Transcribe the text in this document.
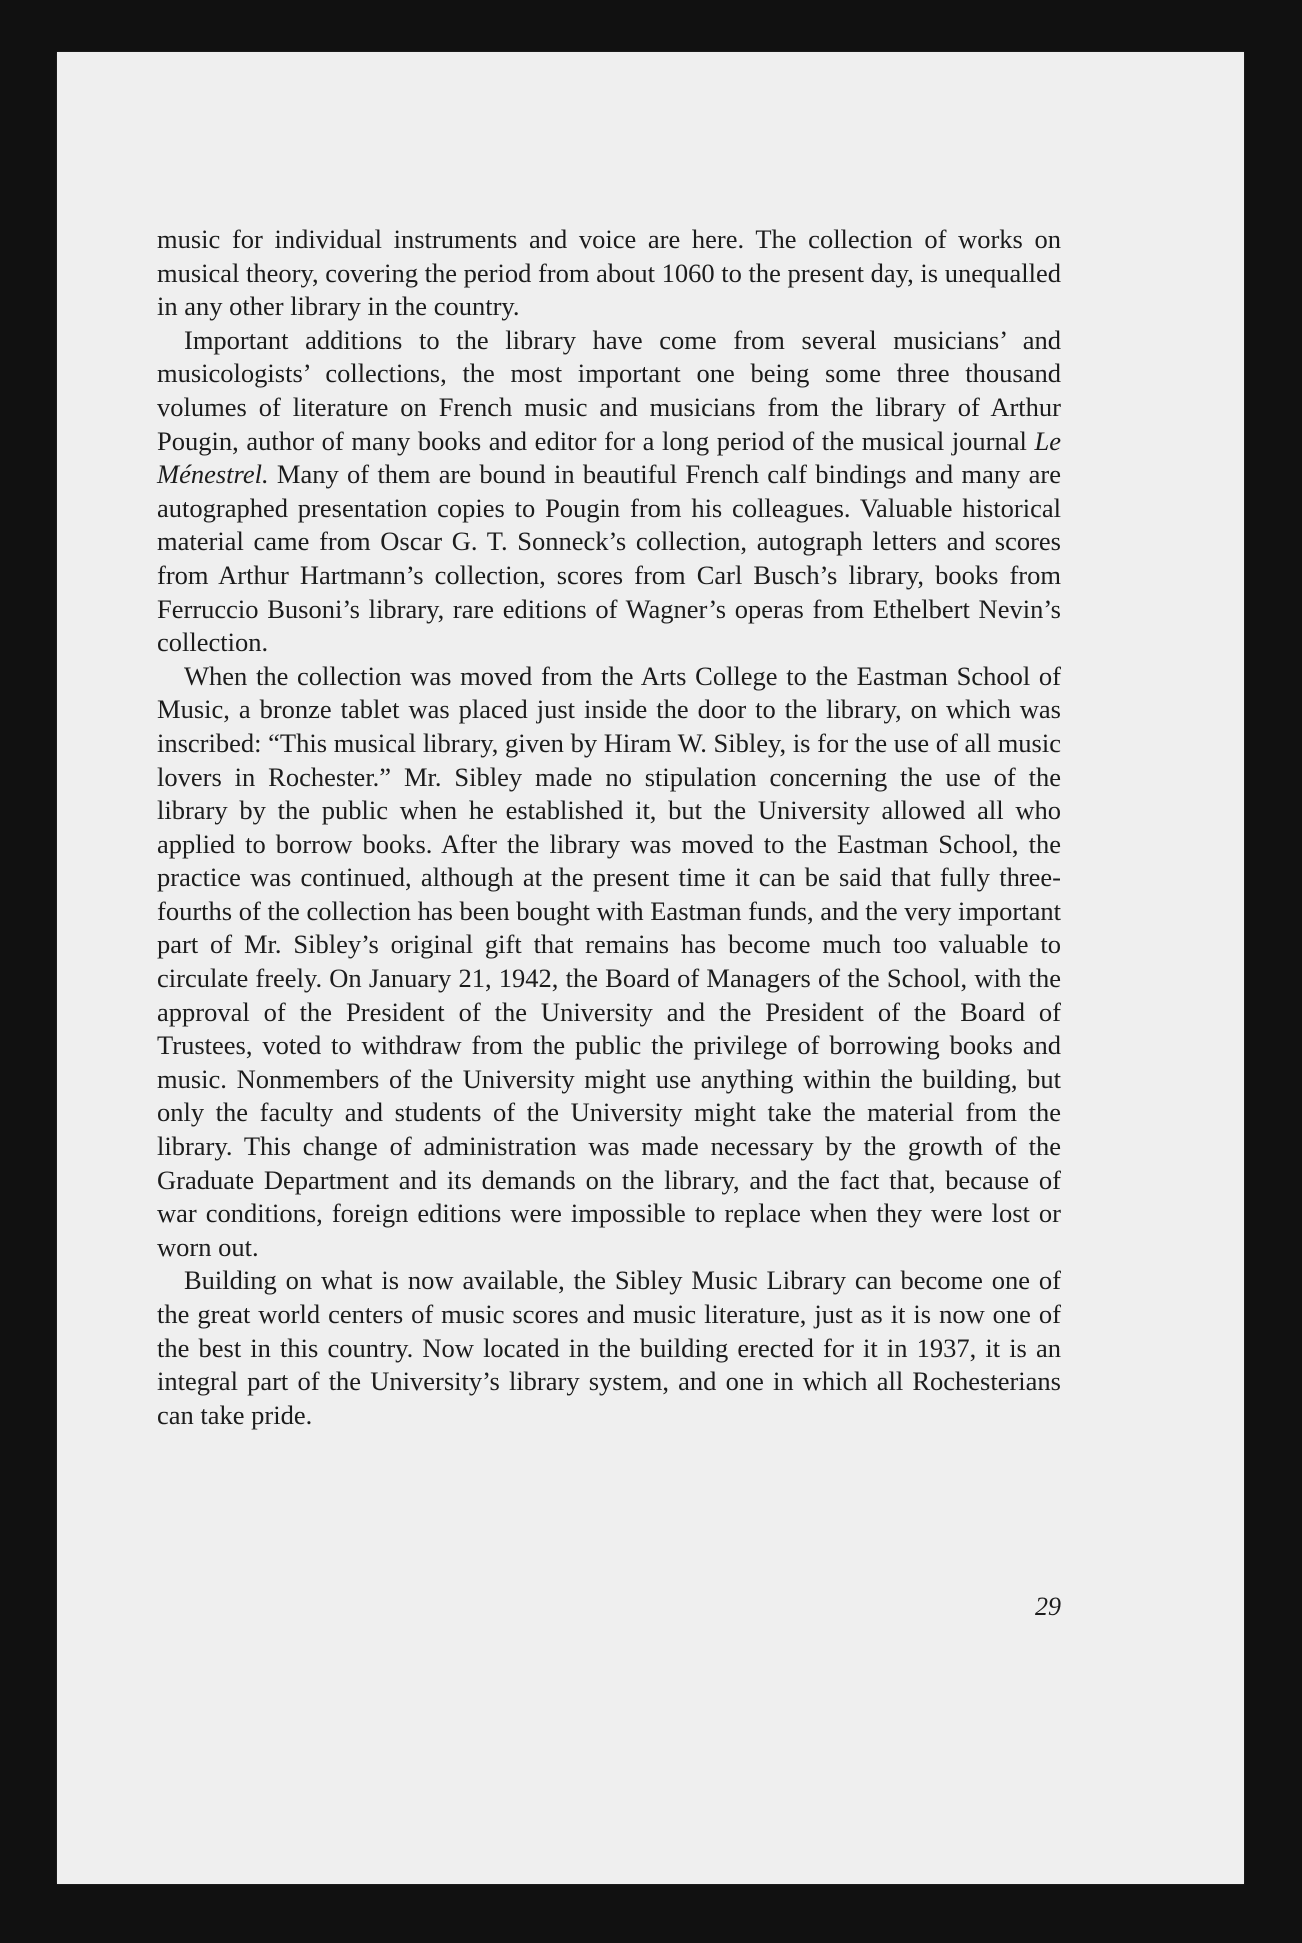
music for individual instruments and voice are here. The collection of works on musical theory, covering the period from about 1060 to the present day, is unequalled in any other library in the country.

Important additions to the library have come from several musicians’ and musicologists’ collections, the most important one being some three thousand volumes of literature on French music and musicians from the library of Arthur Pougin, author of many books and editor for a long period of the musical journal Le Ménestrel. Many of them are bound in beautiful French calf bindings and many are autographed presentation copies to Pougin from his colleagues. Valuable historical material came from Oscar G. T. Sonneck’s collection, autograph letters and scores from Arthur Hartmann’s collection, scores from Carl Busch’s library, books from Ferruccio Busoni’s library, rare editions of Wagner’s operas from Ethelbert Nevin’s collection.

When the collection was moved from the Arts College to the Eastman School of Music, a bronze tablet was placed just inside the door to the library, on which was inscribed: “This musical library, given by Hiram W. Sibley, is for the use of all music lovers in Rochester.” Mr. Sibley made no stipulation concerning the use of the library by the public when he established it, but the University allowed all who applied to borrow books. After the library was moved to the Eastman School, the practice was continued, although at the present time it can be said that fully three-fourths of the collection has been bought with Eastman funds, and the very important part of Mr. Sibley’s original gift that remains has become much too valuable to circulate freely. On January 21, 1942, the Board of Managers of the School, with the approval of the President of the University and the President of the Board of Trustees, voted to withdraw from the public the privilege of borrowing books and music. Nonmembers of the University might use anything within the building, but only the faculty and students of the University might take the material from the library. This change of administration was made necessary by the growth of the Graduate Department and its demands on the library, and the fact that, because of war conditions, foreign editions were impossible to replace when they were lost or worn out.

Building on what is now available, the Sibley Music Library can become one of the great world centers of music scores and music literature, just as it is now one of the best in this country. Now located in the building erected for it in 1937, it is an integral part of the University’s library system, and one in which all Rochesterians can take pride.

29
